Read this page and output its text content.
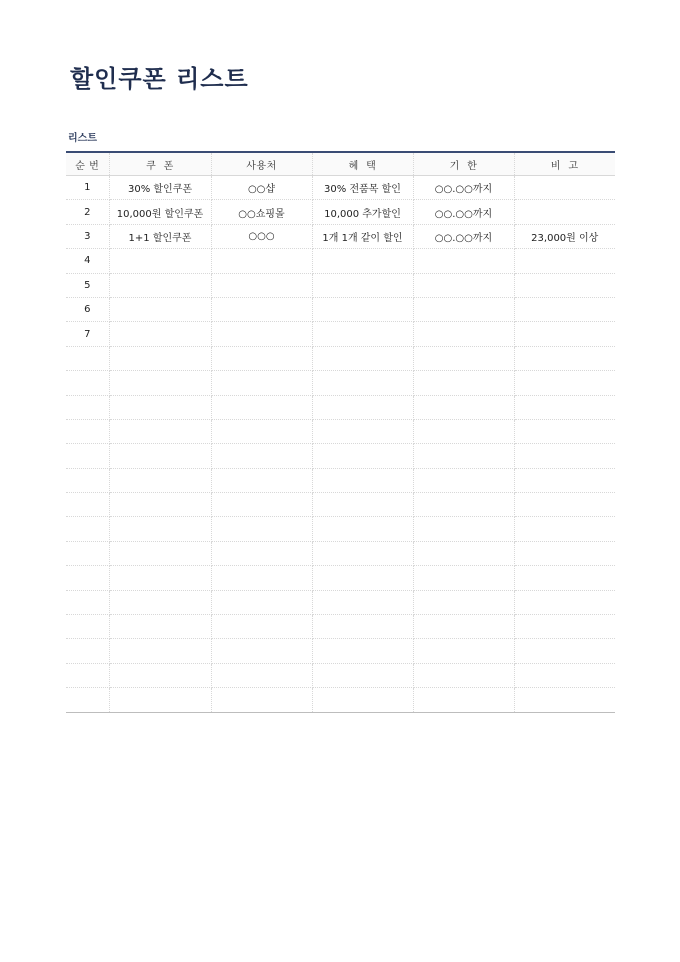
할인쿠폰 리스트
리스트
순 번	쿠  폰	사용처	혜  택	기  한	비  고
1	30% 할인쿠폰	○○샵	30% 전품목 할인	○○.○○까지	
2	10,000원 할인쿠폰	○○쇼핑몰	10,000 추가할인	○○.○○까지	
3	1+1 할인쿠폰	○○○	1개 1개 같이 할인	○○.○○까지	23,000원 이상
4					
5					
6					
7					
